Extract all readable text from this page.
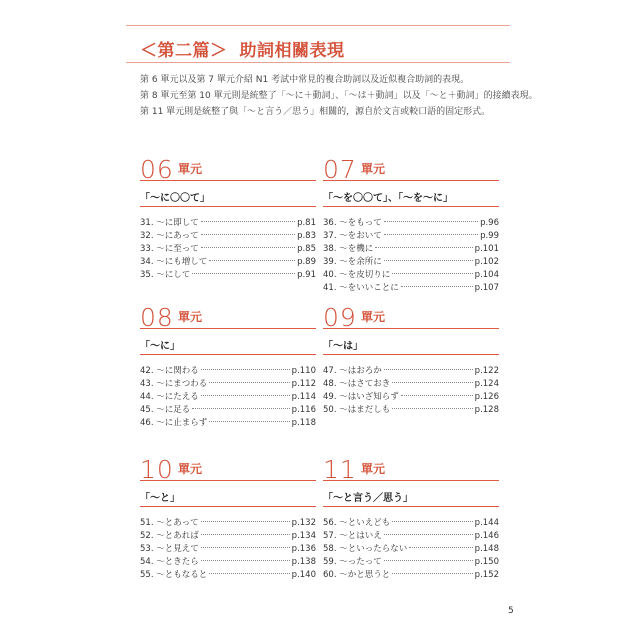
＜第二篇＞ 助詞相關表現

第 6 單元以及第 7 單元介紹 N1 考試中常見的複合助詞以及近似複合助詞的表現。

第 8 單元至第 10 單元則是統整了「〜に＋動詞」、「〜は＋動詞」以及「〜と＋動詞」的接續表現。

第 11 單元則是統整了與「〜と言う／思う」相關的，源自於文言或較口語的固定形式。

06 單元
「〜に〇〇て」
31. 〜に即して	p.81
32. 〜にあって	p.83
33. 〜に至って	p.85
34. 〜にも増して	p.89
35. 〜にして	p.91
07 單元
「〜を〇〇て」、「〜を〜に」
36. 〜をもって	p.96
37. 〜をおいて	p.99
38. 〜を機に	p.101
39. 〜を余所に	p.102
40. 〜を皮切りに	p.104
41. 〜をいいことに	p.107
08 單元
「〜に」
42. 〜に関わる	p.110
43. 〜にまつわる	p.112
44. 〜にたえる	p.114
45. 〜に足る	p.116
46. 〜に止まらず	p.118
09 單元
「〜は」
47. 〜はおろか	p.122
48. 〜はさておき	p.124
49. 〜はいざ知らず	p.126
50. 〜はまだしも	p.128
10 單元
「〜と」
51. 〜とあって	p.132
52. 〜とあれば	p.134
53. 〜と見えて	p.136
54. 〜ときたら	p.138
55. 〜ともなると	p.140
11 單元
「〜と言う／思う」
56. 〜といえども	p.144
57. 〜とはいえ	p.146
58. 〜といったらない	p.148
59. 〜ったって	p.150
60. 〜かと思うと	p.152
5
